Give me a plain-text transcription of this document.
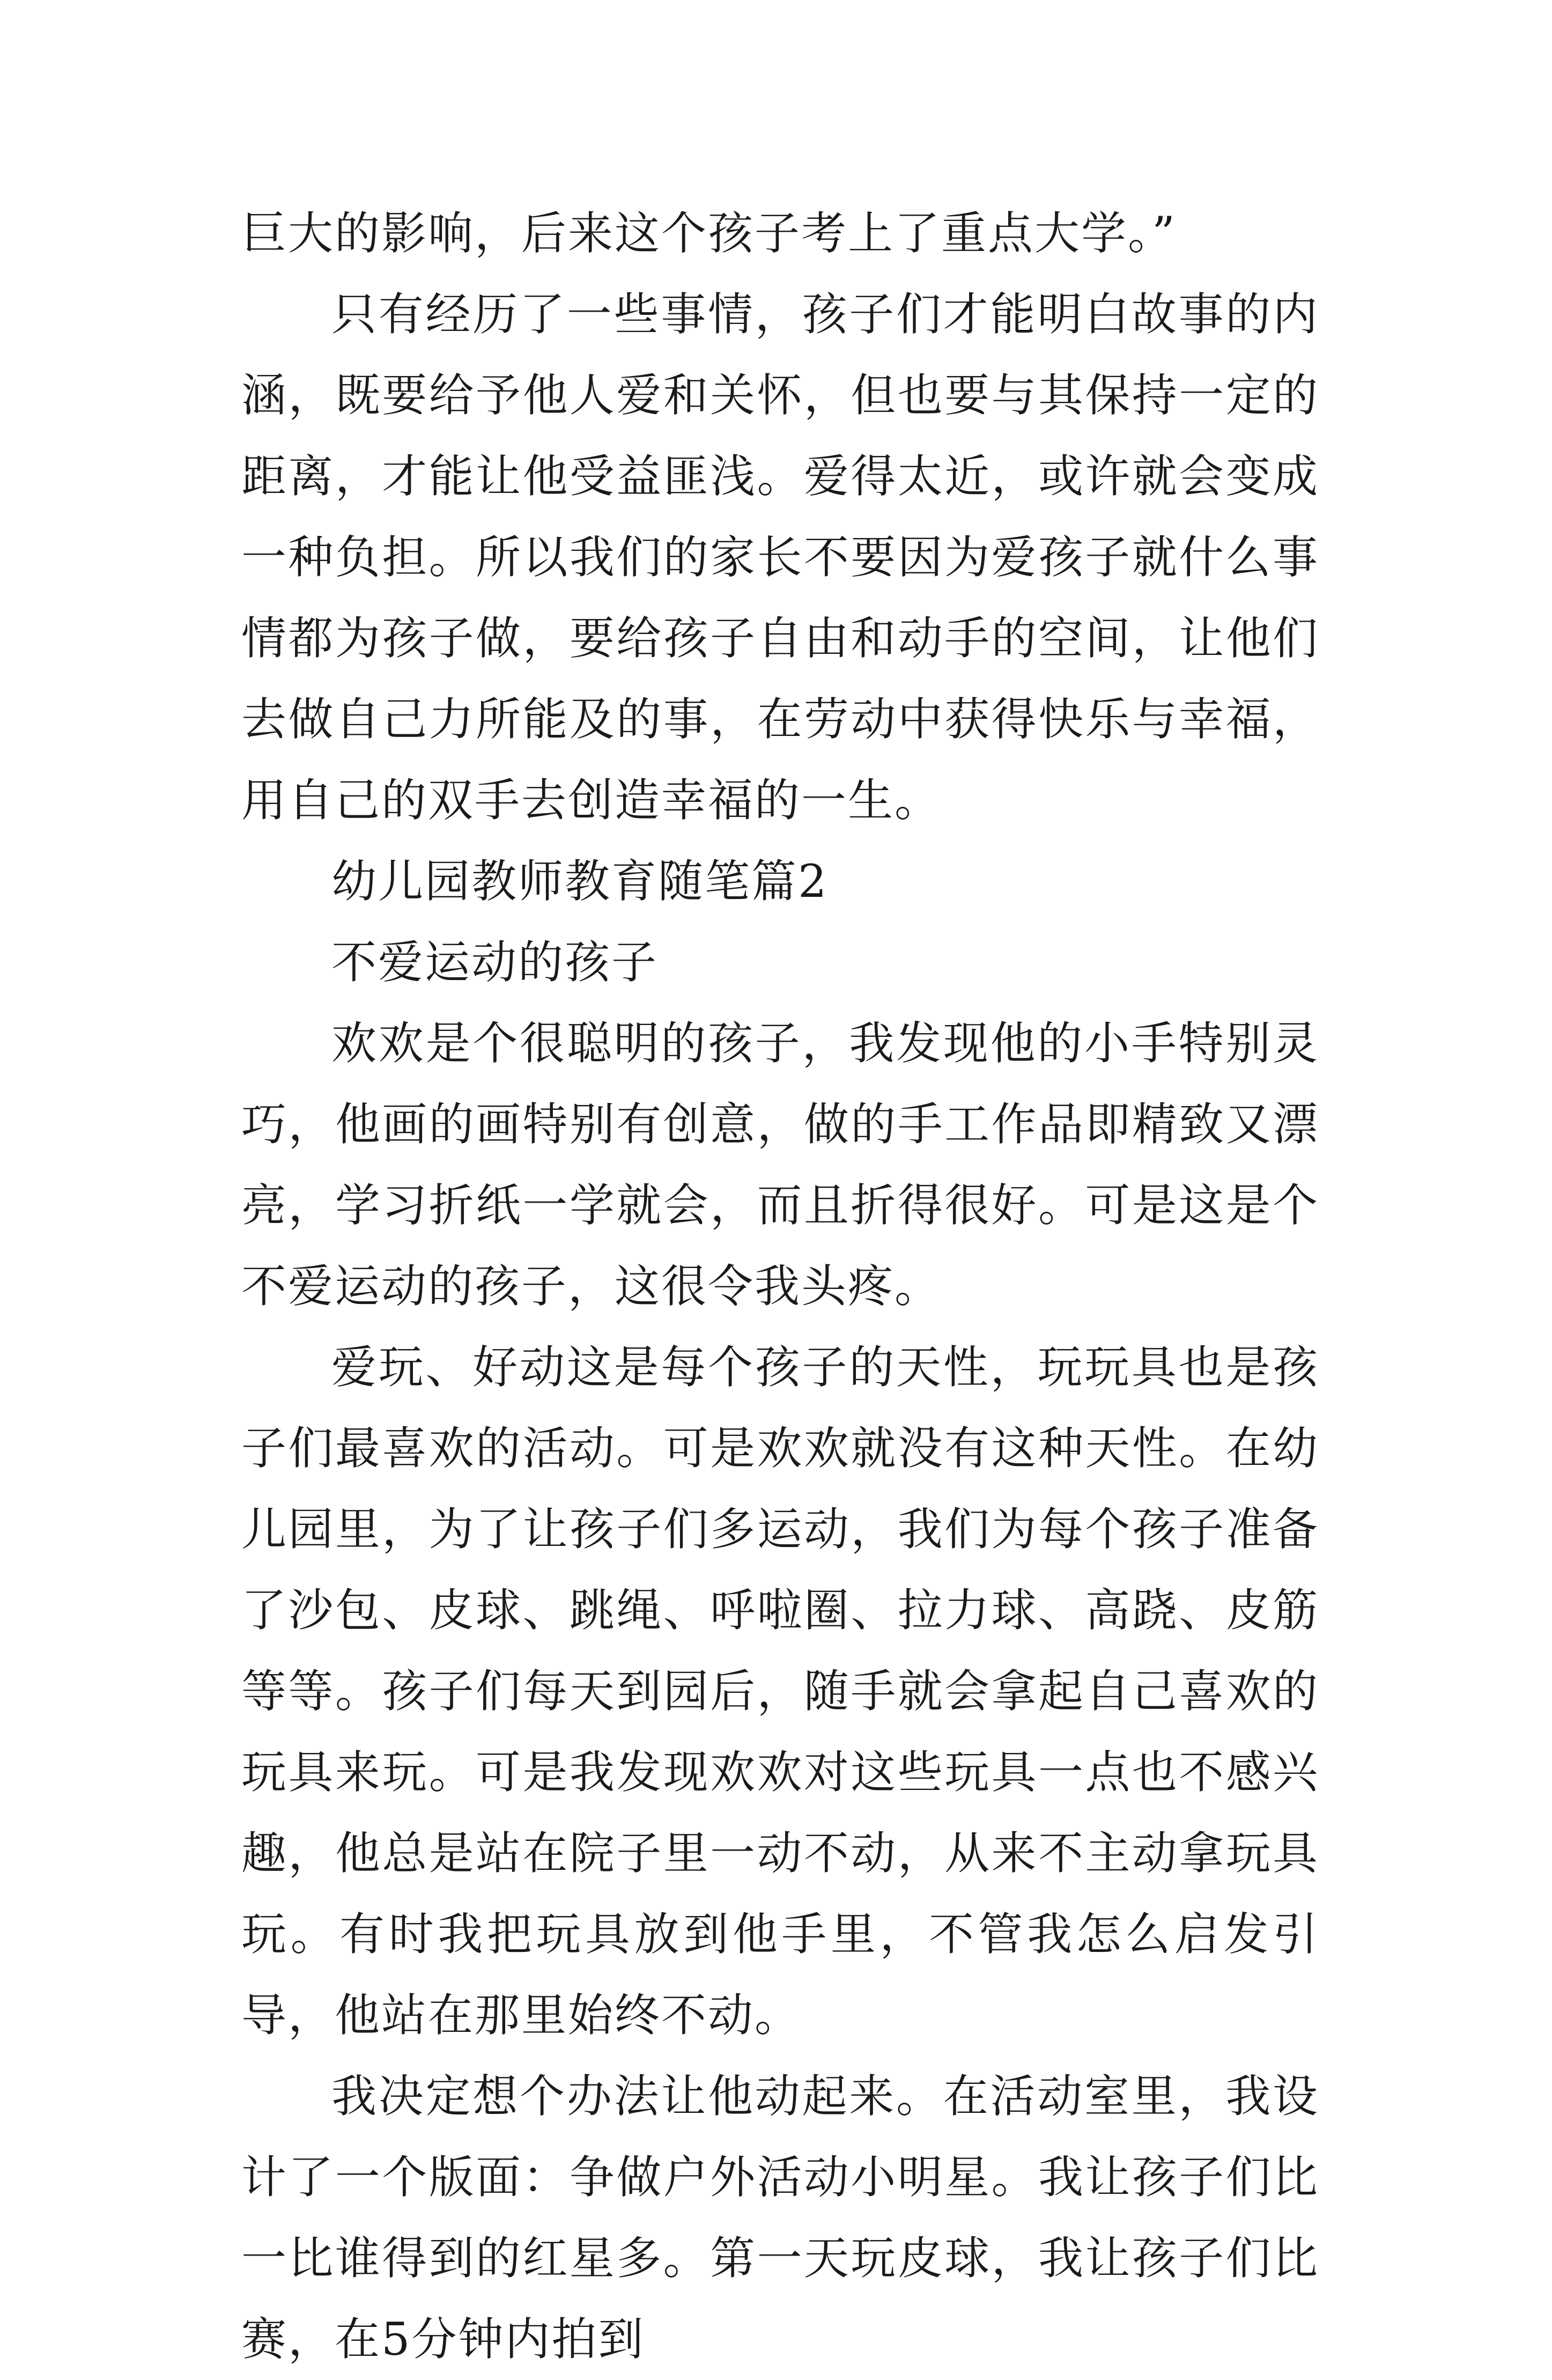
巨大的影响，后来这个孩子考上了重点大学。”

只有经历了一些事情，孩子们才能明白故事的内涵，既要给予他人爱和关怀，但也要与其保持一定的距离，才能让他受益匪浅。爱得太近，或许就会变成一种负担。所以我们的家长不要因为爱孩子就什么事情都为孩子做，要给孩子自由和动手的空间，让他们去做自己力所能及的事，在劳动中获得快乐与幸福，用自己的双手去创造幸福的一生。

幼儿园教师教育随笔篇2

不爱运动的孩子

欢欢是个很聪明的孩子，我发现他的小手特别灵巧，他画的画特别有创意，做的手工作品即精致又漂亮，学习折纸一学就会，而且折得很好。可是这是个不爱运动的孩子，这很令我头疼。

爱玩、好动这是每个孩子的天性，玩玩具也是孩子们最喜欢的活动。可是欢欢就没有这种天性。在幼儿园里，为了让孩子们多运动，我们为每个孩子准备了沙包、皮球、跳绳、呼啦圈、拉力球、高跷、皮筋等等。孩子们每天到园后，随手就会拿起自己喜欢的玩具来玩。可是我发现欢欢对这些玩具一点也不感兴趣，他总是站在院子里一动不动，从来不主动拿玩具玩。有时我把玩具放到他手里，不管我怎么启发引导，他站在那里始终不动。

我决定想个办法让他动起来。在活动室里，我设计了一个版面：争做户外活动小明星。我让孩子们比一比谁得到的红星多。第一天玩皮球，我让孩子们比赛，在5分钟内拍到
